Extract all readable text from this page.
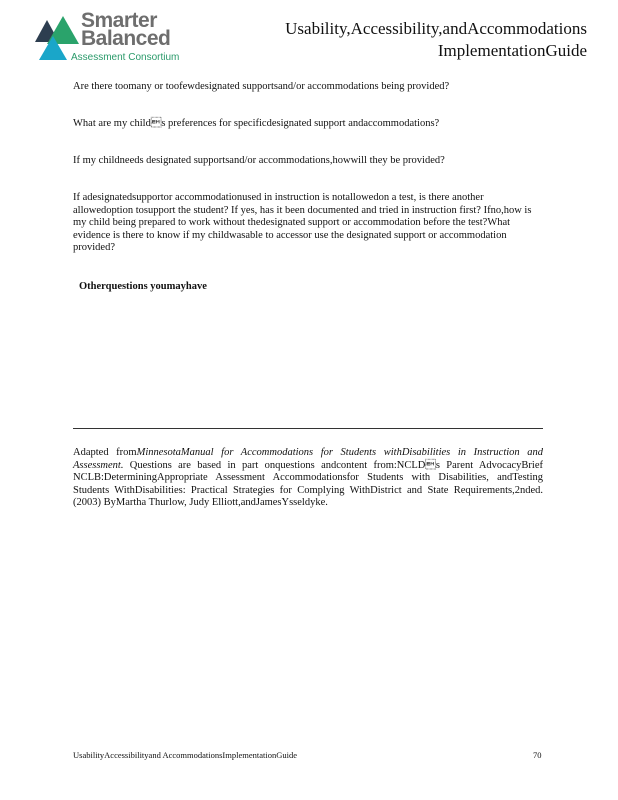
Smarter
Balanced
Assessment Consortium
Usability,Accessibility,andAccommodations
ImplementationGuide
Are there toomany or toofewdesignated supportsand/or accommodations being provided?
What are my childs preferences for specificdesignated support andaccommodations?
If my childneeds designated supportsand/or accommodations,howwill they be provided?
If adesignatedsupportor accommodationused in instruction is notallowedon a test, is there another allowedoption tosupport the student? If yes, has it been documented and tried in instruction first? Ifno,how is my child being prepared to work without thedesignated support or accommodation before the test?What evidence is there to know if my childwasable to accessor use the designated support or accommodation provided?
Otherquestions youmayhave
Adapted fromMinnesotaManual for Accommodations for Students withDisabilities in Instruction and Assessment. Questions are based in part onquestions andcontent from:NCLDs Parent AdvocacyBrief NCLB:DeterminingAppropriate Assessment Accommodationsfor Students with Disabilities, andTesting Students WithDisabilities: Practical Strategies for Complying WithDistrict and State Requirements,2nded.(2003) ByMartha Thurlow, Judy Elliott,andJamesYsseldyke.
UsabilityAccessibilityand AccommodationsImplementationGuide	70
